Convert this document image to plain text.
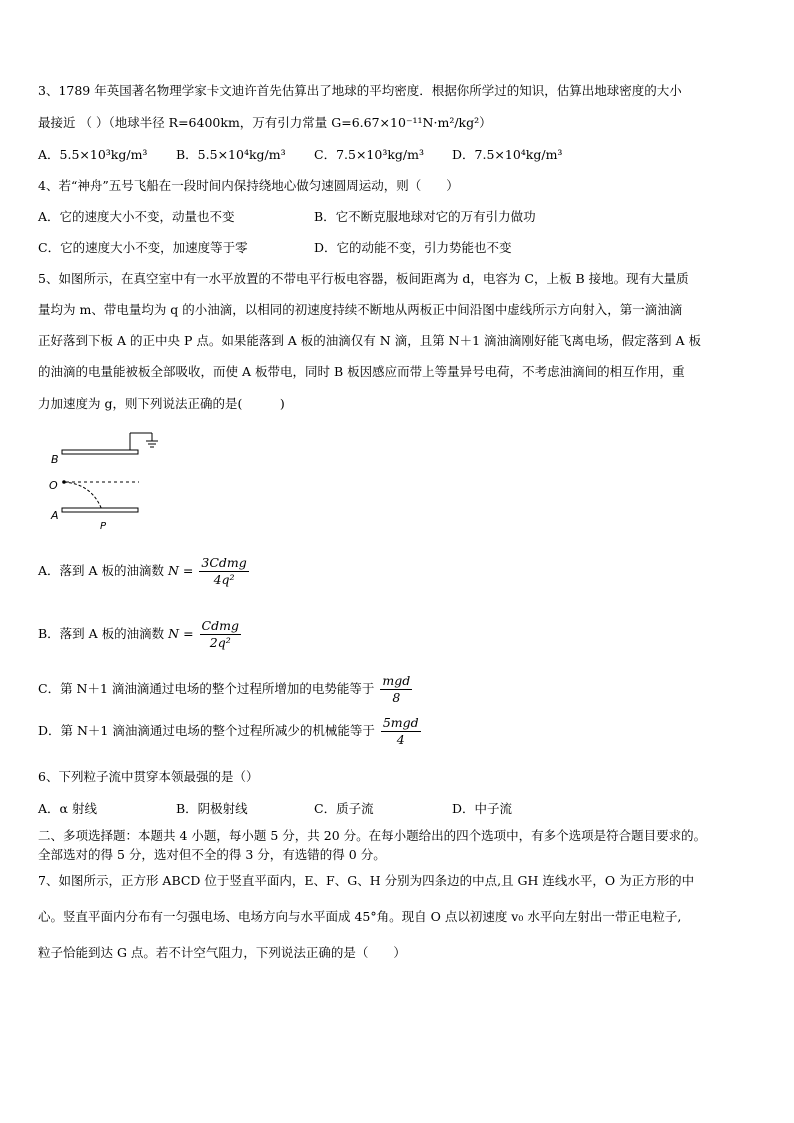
3、1789 年英国著名物理学家卡文迪许首先估算出了地球的平均密度．根据你所学过的知识，估算出地球密度的大小
最接近 （ ）（地球半径 R=6400km，万有引力常量 G=6.67×10⁻¹¹N·m²/kg²）
A．5.5×10³kg/m³ B．5.5×10⁴kg/m³ C．7.5×10³kg/m³ D．7.5×10⁴kg/m³
4、若“神舟”五号飞船在一段时间内保持绕地心做匀速圆周运动，则（　　）
A．它的速度大小不变，动量也不变	B．它不断克服地球对它的万有引力做功
C．它的速度大小不变，加速度等于零	D．它的动能不变，引力势能也不变
5、如图所示，在真空室中有一水平放置的不带电平行板电容器，板间距离为 d，电容为 C，上板 B 接地。现有大量质
量均为 m、带电量均为 q 的小油滴，以相同的初速度持续不断地从两板正中间沿图中虚线所示方向射入，第一滴油滴
正好落到下板 A 的正中央 P 点。如果能落到 A 板的油滴仅有 N 滴，且第 N＋1 滴油滴刚好能飞离电场，假定落到 A 板
的油滴的电量能被板全部吸收，而使 A 板带电，同时 B 板因感应而带上等量异号电荷，不考虑油滴间的相互作用，重
力加速度为 g，则下列说法正确的是(　　　)
B
O
A
P
A．落到 A 板的油滴数 $N = \frac{\text{3Cdmg}}{\text{4q²}}$
B．落到 A 板的油滴数 $N = \frac{\text{Cdmg}}{\text{2q²}}$
C．第 N＋1 滴油滴通过电场的整个过程所增加的电势能等于 $\frac{\text{mgd}}{8}$
D．第 N＋1 滴油滴通过电场的整个过程所减少的机械能等于 $\frac{\text{5mgd}}{4}$
6、下列粒子流中贯穿本领最强的是（）
A．α 射线	B．阴极射线	C．质子流	D．中子流
二、多项选择题：本题共 4 小题，每小题 5 分，共 20 分。在每小题给出的四个选项中，有多个选项是符合题目要求的。
全部选对的得 5 分，选对但不全的得 3 分，有选错的得 0 分。
7、如图所示，正方形 ABCD 位于竖直平面内，E、F、G、H 分别为四条边的中点,且 GH 连线水平，O 为正方形的中
心。竖直平面内分布有一匀强电场、电场方向与水平面成 45°角。现自 O 点以初速度 v₀ 水平向左射出一带正电粒子,
粒子恰能到达 G 点。若不计空气阻力，下列说法正确的是（　　）
